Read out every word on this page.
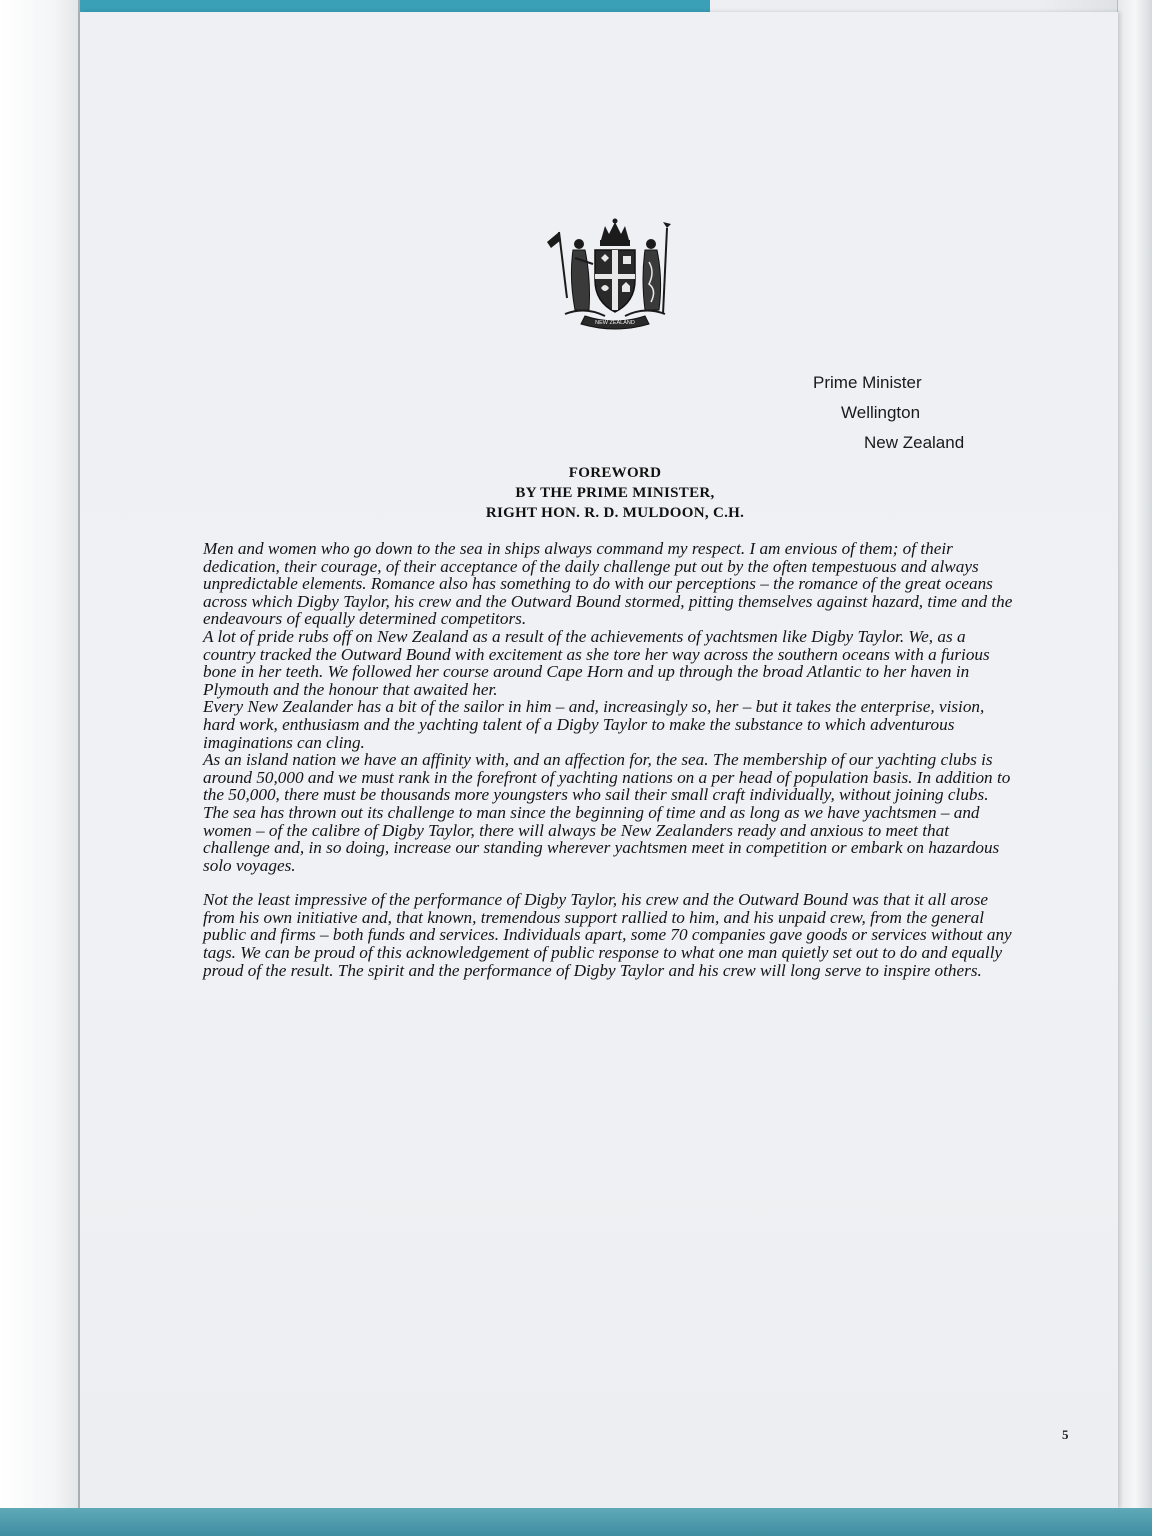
NEW ZEALAND
Prime Minister
Wellington
New Zealand
FOREWORD
BY THE PRIME MINISTER,
RIGHT HON. R. D. MULDOON, C.H.

Men and women who go down to the sea in ships always command my respect. I am envious of them; of their dedication, their courage, of their acceptance of the daily challenge put out by the often tempestuous and always unpredictable elements. Romance also has something to do with our perceptions – the romance of the great oceans across which Digby Taylor, his crew and the Outward Bound stormed, pitting themselves against hazard, time and the endeavours of equally determined competitors.

A lot of pride rubs off on New Zealand as a result of the achievements of yachtsmen like Digby Taylor. We, as a country tracked the Outward Bound with excitement as she tore her way across the southern oceans with a furious bone in her teeth. We followed her course around Cape Horn and up through the broad Atlantic to her haven in Plymouth and the honour that awaited her.

Every New Zealander has a bit of the sailor in him – and, increasingly so, her – but it takes the enterprise, vision, hard work, enthusiasm and the yachting talent of a Digby Taylor to make the substance to which adventurous imaginations can cling.

As an island nation we have an affinity with, and an affection for, the sea. The membership of our yachting clubs is around 50,000 and we must rank in the forefront of yachting nations on a per head of population basis. In addition to the 50,000, there must be thousands more youngsters who sail their small craft individually, without joining clubs.

The sea has thrown out its challenge to man since the beginning of time and as long as we have yachtsmen – and women – of the calibre of Digby Taylor, there will always be New Zealanders ready and anxious to meet that challenge and, in so doing, increase our standing wherever yachtsmen meet in competition or embark on hazardous solo voyages.

Not the least impressive of the performance of Digby Taylor, his crew and the Outward Bound was that it all arose from his own initiative and, that known, tremendous support rallied to him, and his unpaid crew, from the general public and firms – both funds and services. Individuals apart, some 70 companies gave goods or services without any tags. We can be proud of this acknowledgement of public response to what one man quietly set out to do and equally proud of the result. The spirit and the performance of Digby Taylor and his crew will long serve to inspire others.

5
